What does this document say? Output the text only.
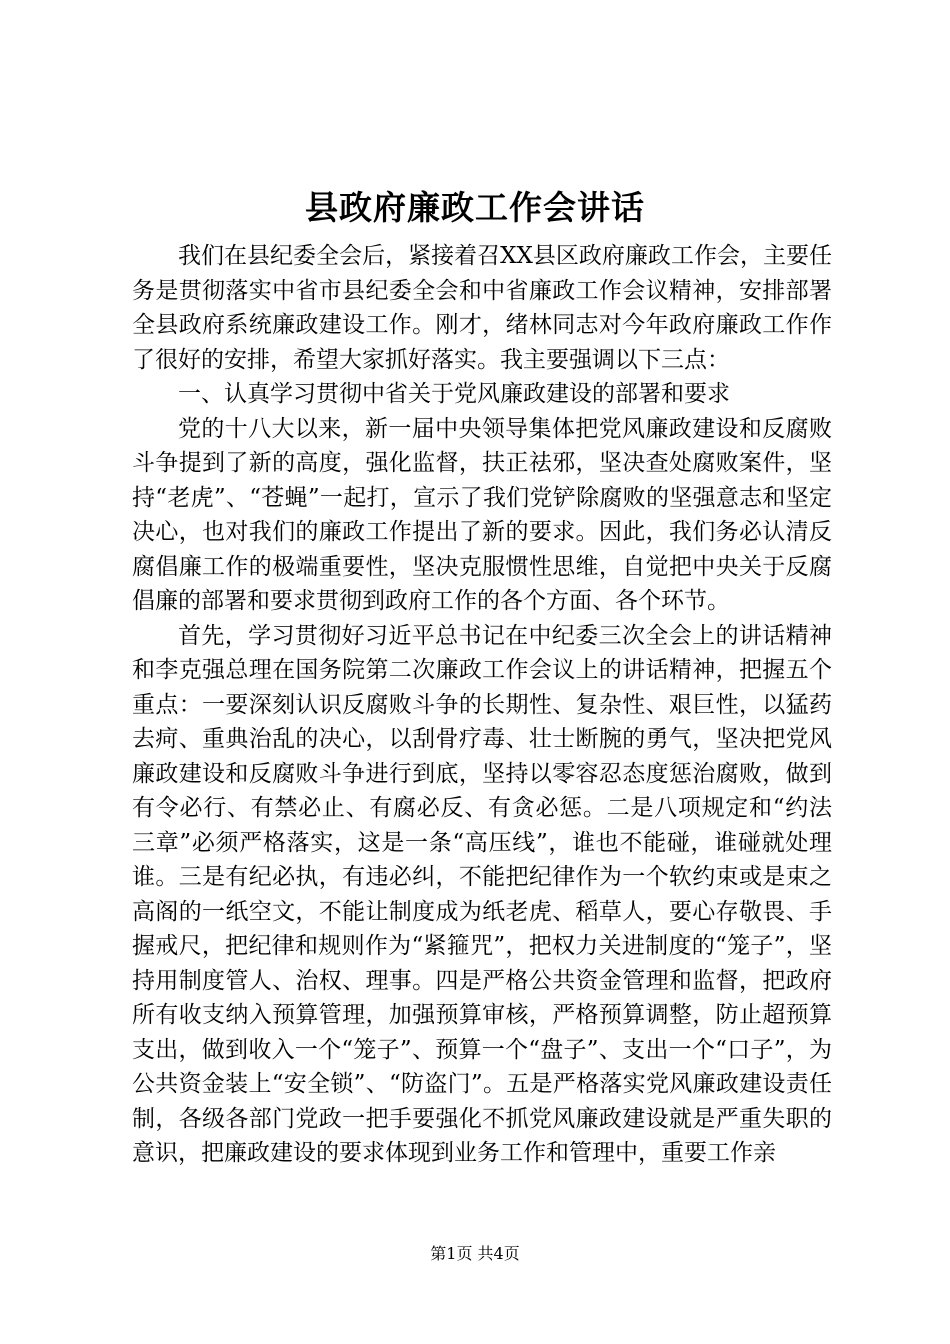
县政府廉政工作会讲话

我们在县纪委全会后，紧接着召XX县区政府廉政工作会，主要任务是贯彻落实中省市县纪委全会和中省廉政工作会议精神，安排部署全县政府系统廉政建设工作。刚才，绪林同志对今年政府廉政工作作了很好的安排，希望大家抓好落实。我主要强调以下三点：

一、认真学习贯彻中省关于党风廉政建设的部署和要求

党的十八大以来，新一届中央领导集体把党风廉政建设和反腐败斗争提到了新的高度，强化监督，扶正祛邪，坚决查处腐败案件，坚持“老虎”、“苍蝇”一起打，宣示了我们党铲除腐败的坚强意志和坚定决心，也对我们的廉政工作提出了新的要求。因此，我们务必认清反腐倡廉工作的极端重要性，坚决克服惯性思维，自觉把中央关于反腐倡廉的部署和要求贯彻到政府工作的各个方面、各个环节。

首先，学习贯彻好习近平总书记在中纪委三次全会上的讲话精神和李克强总理在国务院第二次廉政工作会议上的讲话精神，把握五个重点：一要深刻认识反腐败斗争的长期性、复杂性、艰巨性，以猛药去疴、重典治乱的决心，以刮骨疗毒、壮士断腕的勇气，坚决把党风廉政建设和反腐败斗争进行到底，坚持以零容忍态度惩治腐败，做到有令必行、有禁必止、有腐必反、有贪必惩。二是八项规定和“约法三章”必须严格落实，这是一条“高压线”，谁也不能碰，谁碰就处理谁。三是有纪必执，有违必纠，不能把纪律作为一个软约束或是束之高阁的一纸空文，不能让制度成为纸老虎、稻草人，要心存敬畏、手握戒尺，把纪律和规则作为“紧箍咒”，把权力关进制度的“笼子”，坚持用制度管人、治权、理事。四是严格公共资金管理和监督，把政府所有收支纳入预算管理，加强预算审核，严格预算调整，防止超预算支出，做到收入一个“笼子”、预算一个“盘子”、支出一个“口子”，为公共资金装上“安全锁”、“防盗门”。五是严格落实党风廉政建设责任制，各级各部门党政一把手要强化不抓党风廉政建设就是严重失职的意识，把廉政建设的要求体现到业务工作和管理中，重要工作亲

第1页 共4页
